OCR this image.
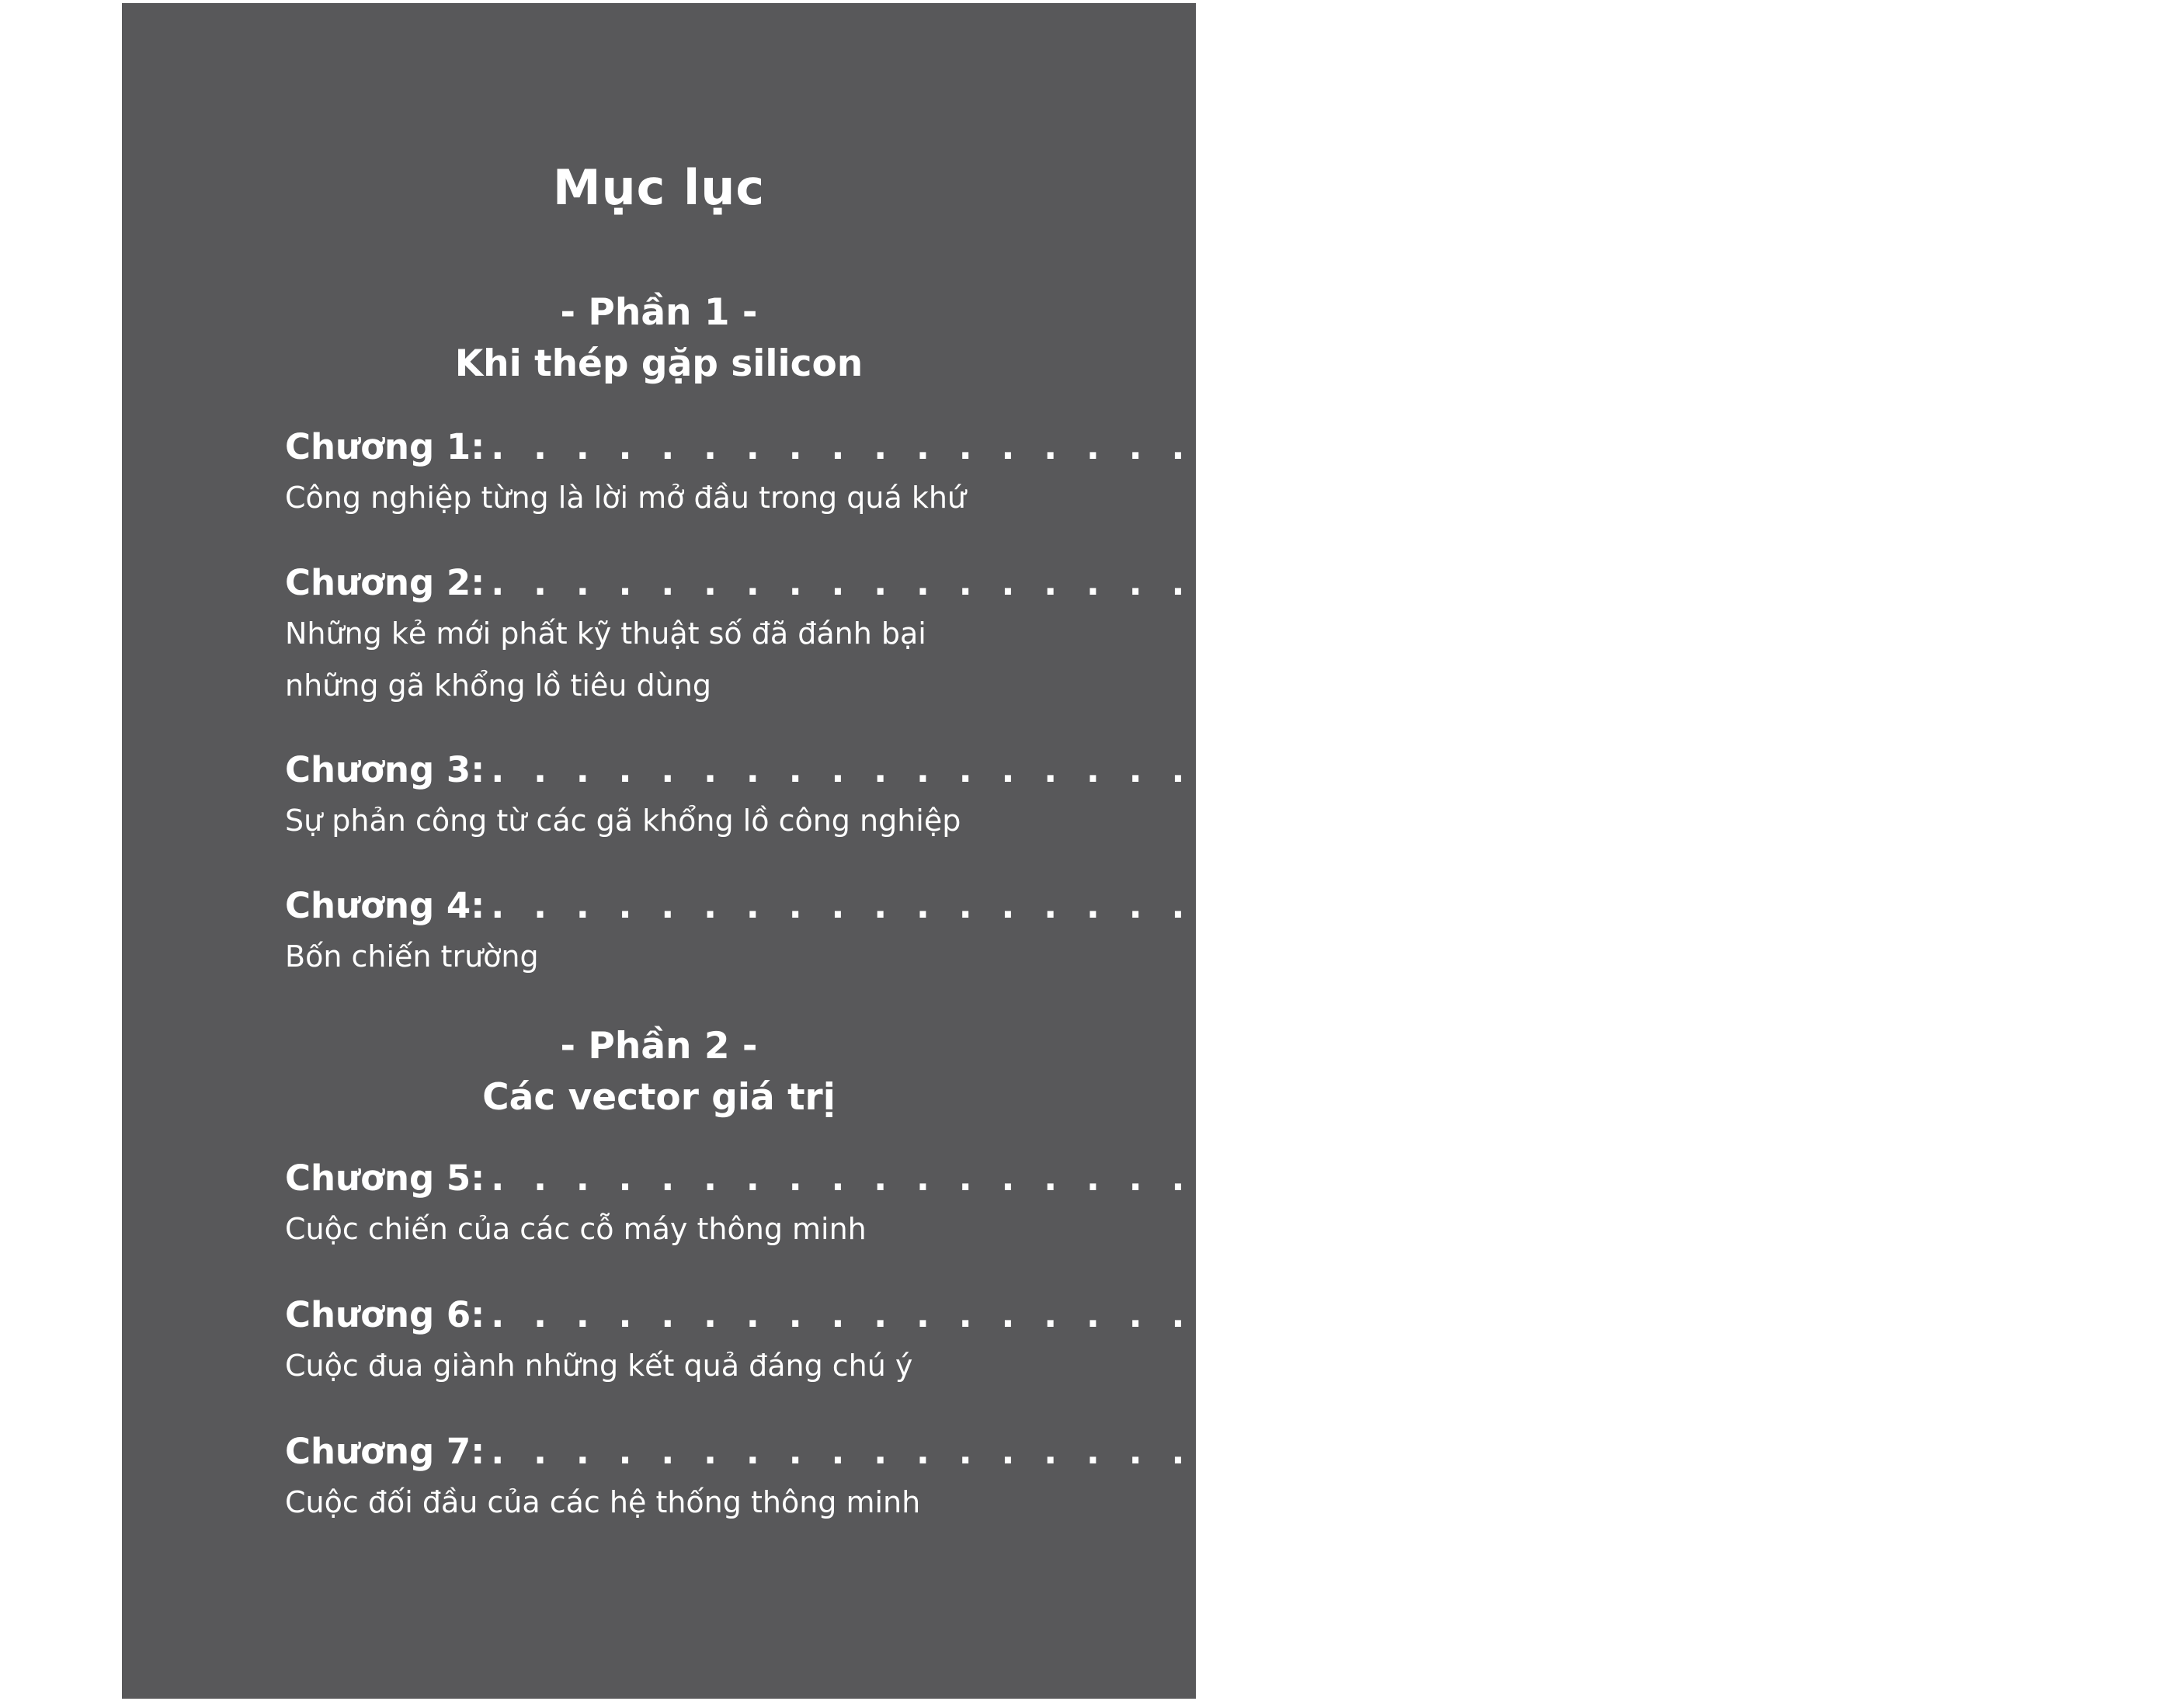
Mục lục
- Phần 1 -
Khi thép gặp silicon
Chương 1: . . . . . . . . . . . . . . . . . . . . . . . . . . . . . . . . . . . . . . 10
Công nghiệp từng là lời mở đầu trong quá khứ
Chương 2: . . . . . . . . . . . . . . . . . . . . . . . . . . . . . . . . . . . . . . 45
Những kẻ mới phất kỹ thuật số đã đánh bại
những gã khổng lồ tiêu dùng
Chương 3: . . . . . . . . . . . . . . . . . . . . . . . . . . . . . . . . . . . . . . 78
Sự phản công từ các gã khổng lồ công nghiệp
Chương 4: . . . . . . . . . . . . . . . . . . . . . . . . . . . . . . . . . . . . . . 110
Bốn chiến trường
- Phần 2 -
Các vector giá trị
Chương 5: . . . . . . . . . . . . . . . . . . . . . . . . . . . . . . . . . . . . . . 142
Cuộc chiến của các cỗ máy thông minh
Chương 6: . . . . . . . . . . . . . . . . . . . . . . . . . . . . . . . . . . . . . . 180
Cuộc đua giành những kết quả đáng chú ý
Chương 7: . . . . . . . . . . . . . . . . . . . . . . . . . . . . . . . . . . . . . . 221
Cuộc đối đầu của các hệ thống thông minh
